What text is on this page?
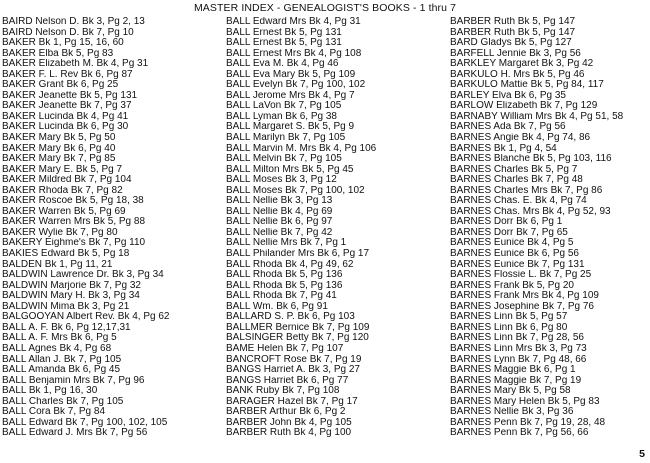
MASTER INDEX - GENEALOGIST'S BOOKS - 1 thru 7
BAIRD Nelson D. Bk 3, Pg 2, 13
BAIRD Nelson D. Bk 7, Pg 10
BAKER Bk 1, Pg 15, 16, 60
BAKER Elba Bk 5, Pg 83
BAKER Elizabeth M. Bk 4, Pg 31
BAKER F. L. Rev Bk 6, Pg 87
BAKER Grant Bk 6, Pg 25
BAKER Jeanette Bk 5, Pg 131
BAKER Jeanette Bk 7, Pg 37
BAKER Lucinda Bk 4, Pg 41
BAKER Lucinda Bk 6, Pg 30
BAKER Mary Bk 5, Pg 50
BAKER Mary Bk 6, Pg 40
BAKER Mary Bk 7, Pg 85
BAKER Mary E. Bk 5, Pg 7
BAKER Mildred Bk 7, Pg 104
BAKER Rhoda Bk 7, Pg 82
BAKER Roscoe Bk 5, Pg 18, 38
BAKER Warren Bk 5, Pg 69
BAKER Warren Mrs Bk 5, Pg 88
BAKER Wylie Bk 7, Pg 80
BAKERY Eighme's Bk 7, Pg 110
BAKIES Edward Bk 5, Pg 18
BALDEN Bk 1, Pg 11, 21
BALDWIN Lawrence Dr. Bk 3, Pg 34
BALDWIN Marjorie Bk 7, Pg 32
BALDWIN Mary H. Bk 3, Pg 34
BALDWIN Mima Bk 3, Pg 21
BALGOOYAN Albert Rev. Bk 4, Pg 62
BALL A. F. Bk 6, Pg 12,17,31
BALL A. F. Mrs Bk 6, Pg 5
BALL Agnes Bk 4, Pg 68
BALL Allan J. Bk 7, Pg 105
BALL Amanda Bk 6, Pg 45
BALL Benjamin Mrs Bk 7, Pg 96
BALL Bk 1, Pg 16, 30
BALL Charles Bk 7, Pg 105
BALL Cora Bk 7, Pg 84
BALL Edward Bk 7, Pg 100, 102, 105
BALL Edward J. Mrs Bk 7, Pg 56
BALL Edward Mrs Bk 4, Pg 31
BALL Ernest Bk 5, Pg 131
BALL Ernest Bk 5, Pg 131
BALL Ernest Mrs Bk 4, Pg 108
BALL Eva M. Bk 4, Pg 46
BALL Eva Mary Bk 5, Pg 109
BALL Evelyn Bk 7, Pg 100, 102
BALL Jerome Mrs Bk 4, Pg 7
BALL LaVon Bk 7, Pg 105
BALL Lyman Bk 6, Pg 38
BALL Margaret S. Bk 5, Pg 9
BALL Marilyn Bk 7, Pg 105
BALL Marvin M. Mrs Bk 4, Pg 106
BALL Melvin Bk 7, Pg 105
BALL Milton Mrs Bk 5, Pg 45
BALL Moses Bk 3, Pg 12
BALL Moses Bk 7, Pg 100, 102
BALL Nellie Bk 3, Pg 13
BALL Nellie Bk 4, Pg 69
BALL Nellie Bk 6, Pg 97
BALL Nellie Bk 7, Pg 42
BALL Nellie Mrs Bk 7, Pg 1
BALL Philander Mrs Bk 6, Pg 17
BALL Rhoda Bk 4, Pg 49, 62
BALL Rhoda Bk 5, Pg 136
BALL Rhoda Bk 5, Pg 136
BALL Rhoda Bk 7, Pg 41
BALL Wm. Bk 6, Pg 91
BALLARD S. P. Bk 6, Pg 103
BALLMER Bernice Bk 7, Pg 109
BALSINGER Betty Bk 7, Pg 120
BAME Helen Bk 7, Pg 107
BANCROFT Rose Bk 7, Pg 19
BANGS Harriet A. Bk 3, Pg 27
BANGS Harriet Bk 6, Pg 77
BANK Ruby Bk 7, Pg 108
BARAGER Hazel Bk 7, Pg 17
BARBER Arthur Bk 6, Pg 2
BARBER John Bk 4, Pg 105
BARBER Ruth Bk 4, Pg 100
BARBER Ruth Bk 5, Pg 147
BARBER Ruth Bk 5, Pg 147
BARD Gladys Bk 5, Pg 127
BARFELL Jennie Bk 3, Pg 56
BARKLEY Margaret Bk 3, Pg 42
BARKULO H. Mrs Bk 5, Pg 46
BARKULO Mattie Bk 5, Pg 84, 117
BARLEY Elva Bk 6, Pg 35
BARLOW Elizabeth Bk 7, Pg 129
BARNABY William Mrs Bk 4, Pg 51, 58
BARNES Ada Bk 7, Pg 56
BARNES Angie Bk 4, Pg 74, 86
BARNES Bk 1, Pg 4, 54
BARNES Blanche Bk 5, Pg 103, 116
BARNES Charles Bk 5, Pg 7
BARNES Charles Bk 7, Pg 48
BARNES Charles Mrs Bk 7, Pg 86
BARNES Chas. E. Bk 4, Pg 74
BARNES Chas. Mrs Bk 4, Pg 52, 93
BARNES Dorr Bk 6, Pg 1
BARNES Dorr Bk 7, Pg 65
BARNES Eunice Bk 4, Pg 5
BARNES Eunice Bk 6, Pg 56
BARNES Eunice Bk 7, Pg 131
BARNES Flossie L. Bk 7, Pg 25
BARNES Frank Bk 5, Pg 20
BARNES Frank Mrs Bk 4, Pg 109
BARNES Josephine Bk 7, Pg 76
BARNES Linn Bk 5, Pg 57
BARNES Linn Bk 6, Pg 80
BARNES Linn Bk 7, Pg 28, 56
BARNES Linn Mrs Bk 3, Pg 73
BARNES Lynn Bk 7, Pg 48, 66
BARNES Maggie Bk 6, Pg 1
BARNES Maggie Bk 7, Pg 19
BARNES Mary Bk 5, Pg 58
BARNES Mary Helen Bk 5, Pg 83
BARNES Nellie Bk 3, Pg 36
BARNES Penn Bk 7, Pg 19, 28, 48
BARNES Penn Bk 7, Pg 56, 66
5
